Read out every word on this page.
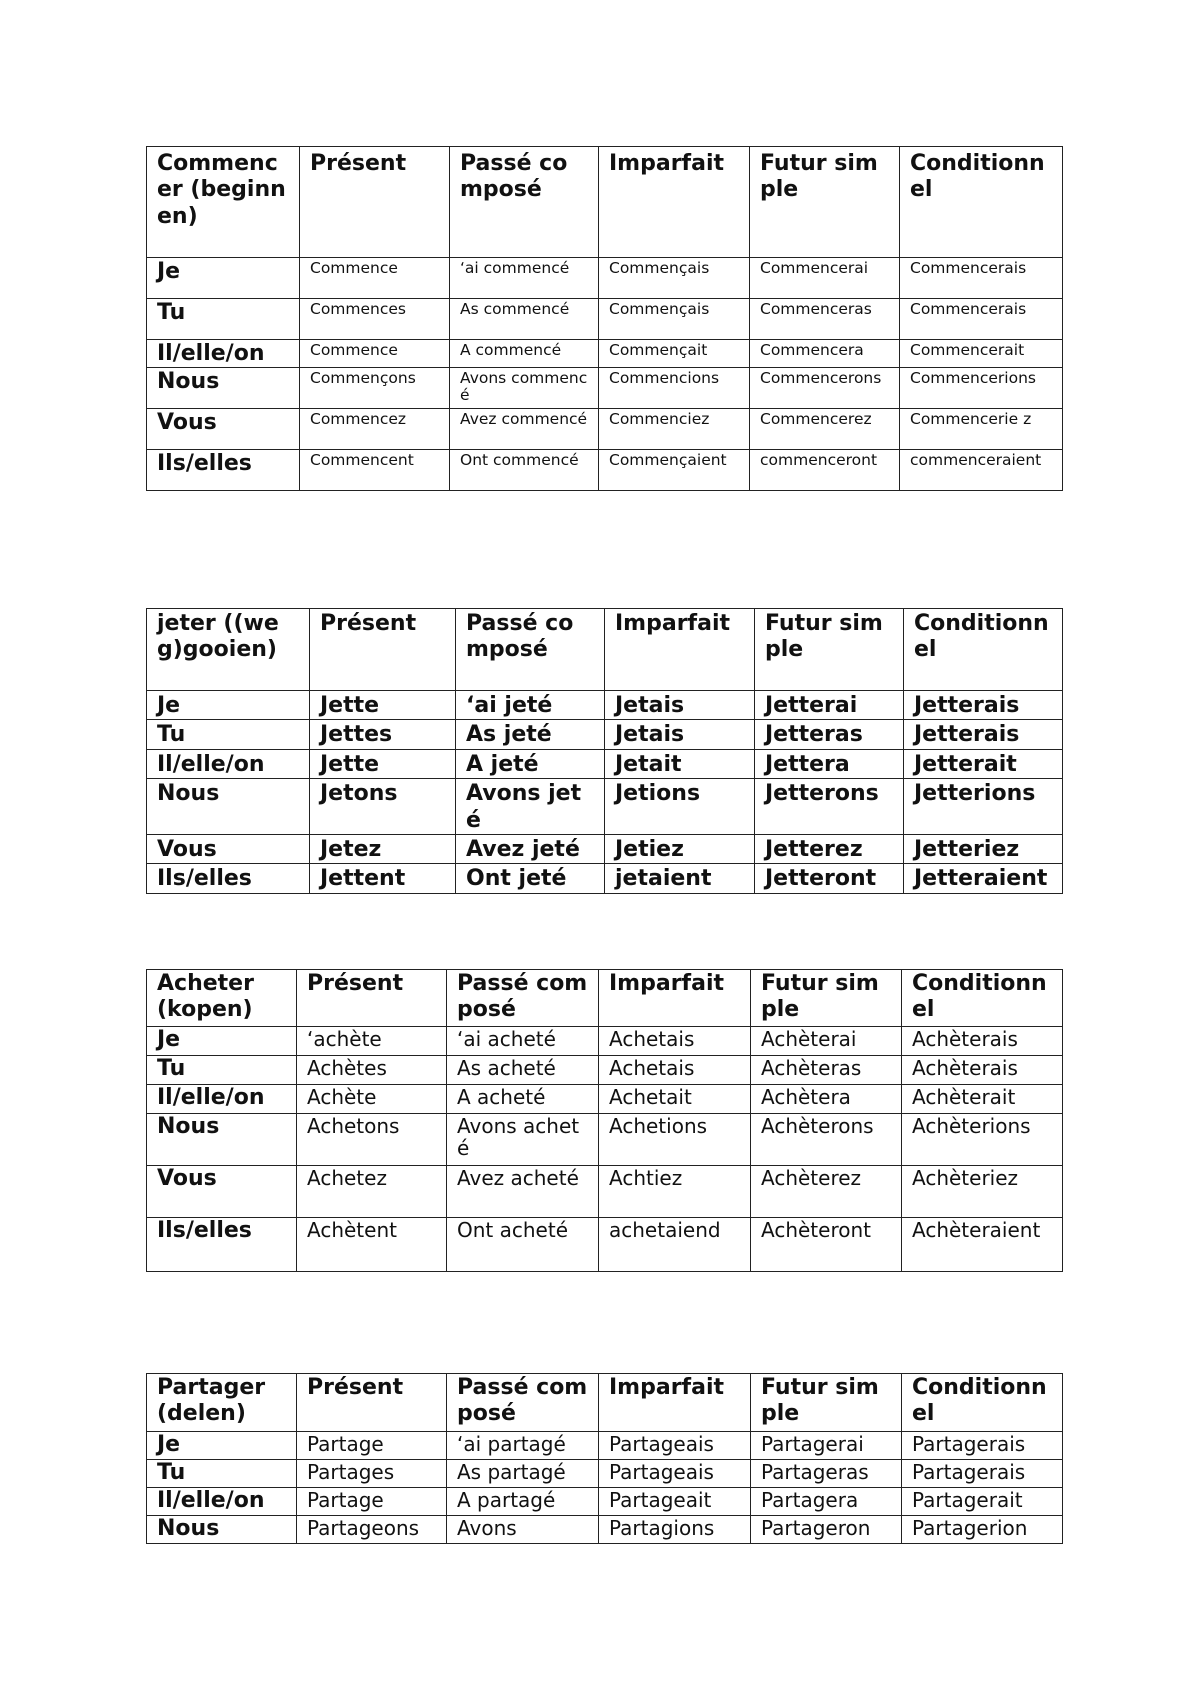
Commencer (beginnen)	Présent	Passé composé	Imparfait	Futur simple	Conditionnel
Je	Commence	‘ai commencé	Commençais	Commencerai	Commencerais
Tu	Commences	As commencé	Commençais	Commenceras	Commencerais
Il/elle/on	Commence	A commencé	Commençait	Commencera	Commencerait
Nous	Commençons	Avons commencé	Commencions	Commencerons	Commencerions
Vous	Commencez	Avez commencé	Commenciez	Commencerez	Commencerie z
Ils/elles	Commencent	Ont commencé	Commençaient	commenceront	commenceraient
jeter ((weg)gooien)	Présent	Passé composé	Imparfait	Futur simple	Conditionnel
Je	Jette	‘ai jeté	Jetais	Jetterai	Jetterais
Tu	Jettes	As jeté	Jetais	Jetteras	Jetterais
Il/elle/on	Jette	A jeté	Jetait	Jettera	Jetterait
Nous	Jetons	Avons jeté	Jetions	Jetterons	Jetterions
Vous	Jetez	Avez jeté	Jetiez	Jetterez	Jetteriez
Ils/elles	Jettent	Ont jeté	jetaient	Jetteront	Jetteraient
Acheter (kopen)	Présent	Passé composé	Imparfait	Futur simple	Conditionnel
Je	‘achète	‘ai acheté	Achetais	Achèterai	Achèterais
Tu	Achètes	As acheté	Achetais	Achèteras	Achèterais
Il/elle/on	Achète	A acheté	Achetait	Achètera	Achèterait
Nous	Achetons	Avons acheté	Achetions	Achèterons	Achèterions
Vous	Achetez	Avez acheté	Achtiez	Achèterez	Achèteriez
Ils/elles	Achètent	Ont acheté	achetaiend	Achèteront	Achèteraient
Partager (delen)	Présent	Passé composé	Imparfait	Futur simple	Conditionnel
Je	Partage	‘ai partagé	Partageais	Partagerai	Partagerais
Tu	Partages	As partagé	Partageais	Partageras	Partagerais
Il/elle/on	Partage	A partagé	Partageait	Partagera	Partagerait
Nous	Partageons	Avons	Partagions	Partageron	Partagerion
